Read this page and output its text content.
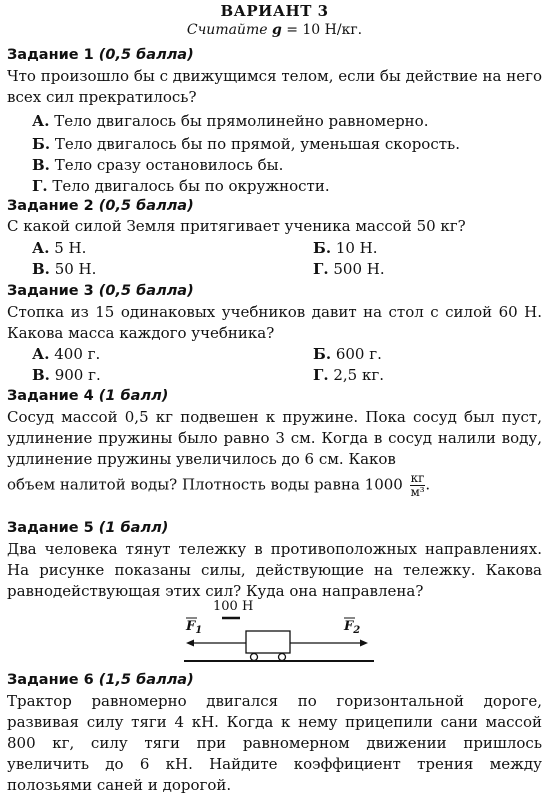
ВАРИАНТ 3
Считайте g = 10 Н/кг.
Задание 1 (0,5 балла)
Что произошло бы с движущимся телом, если бы действие на него всех сил прекратилось?
А. Тело двигалось бы прямолинейно равномерно.
Б. Тело двигалось бы по прямой, уменьшая скорость.
В. Тело сразу остановилось бы.
Г. Тело двигалось бы по окружности.
Задание 2 (0,5 балла)
С какой силой Земля притягивает ученика массой 50 кг?
А. 5 Н.	Б. 10 Н.
В. 50 Н.	Г. 500 Н.
Задание 3 (0,5 балла)
Стопка из 15 одинаковых учебников давит на стол с силой 60 Н. Какова масса каждого учебника?
А. 400 г.	Б. 600 г.
В. 900 г.	Г. 2,5 кг.
Задание 4 (1 балл)
Сосуд массой 0,5 кг подвешен к пружине. Пока сосуд был пуст, удлинение пружины было равно 3 см. Когда в сосуд налили воду, удлинение пружины увеличилось до 6 см. Каков
объем налитой воды? Плотность воды равна $1000 \frac{кг}{\text{м³}}$ .
Задание 5 (1 балл)
Два человека тянут тележку в противоположных направлениях. На рисунке показаны силы, действующие на тележку. Какова равнодействующая этих сил? Куда она направлена?
100 Н
$F_1$	$F_2$
Задание 6 (1,5 балла)
Трактор равномерно двигался по горизонтальной дороге, развивая силу тяги 4 кН. Когда к нему прицепили сани массой 800 кг, силу тяги при равномерном движении пришлось увеличить до 6 кН. Найдите коэффициент трения между полозьями саней и дорогой.
